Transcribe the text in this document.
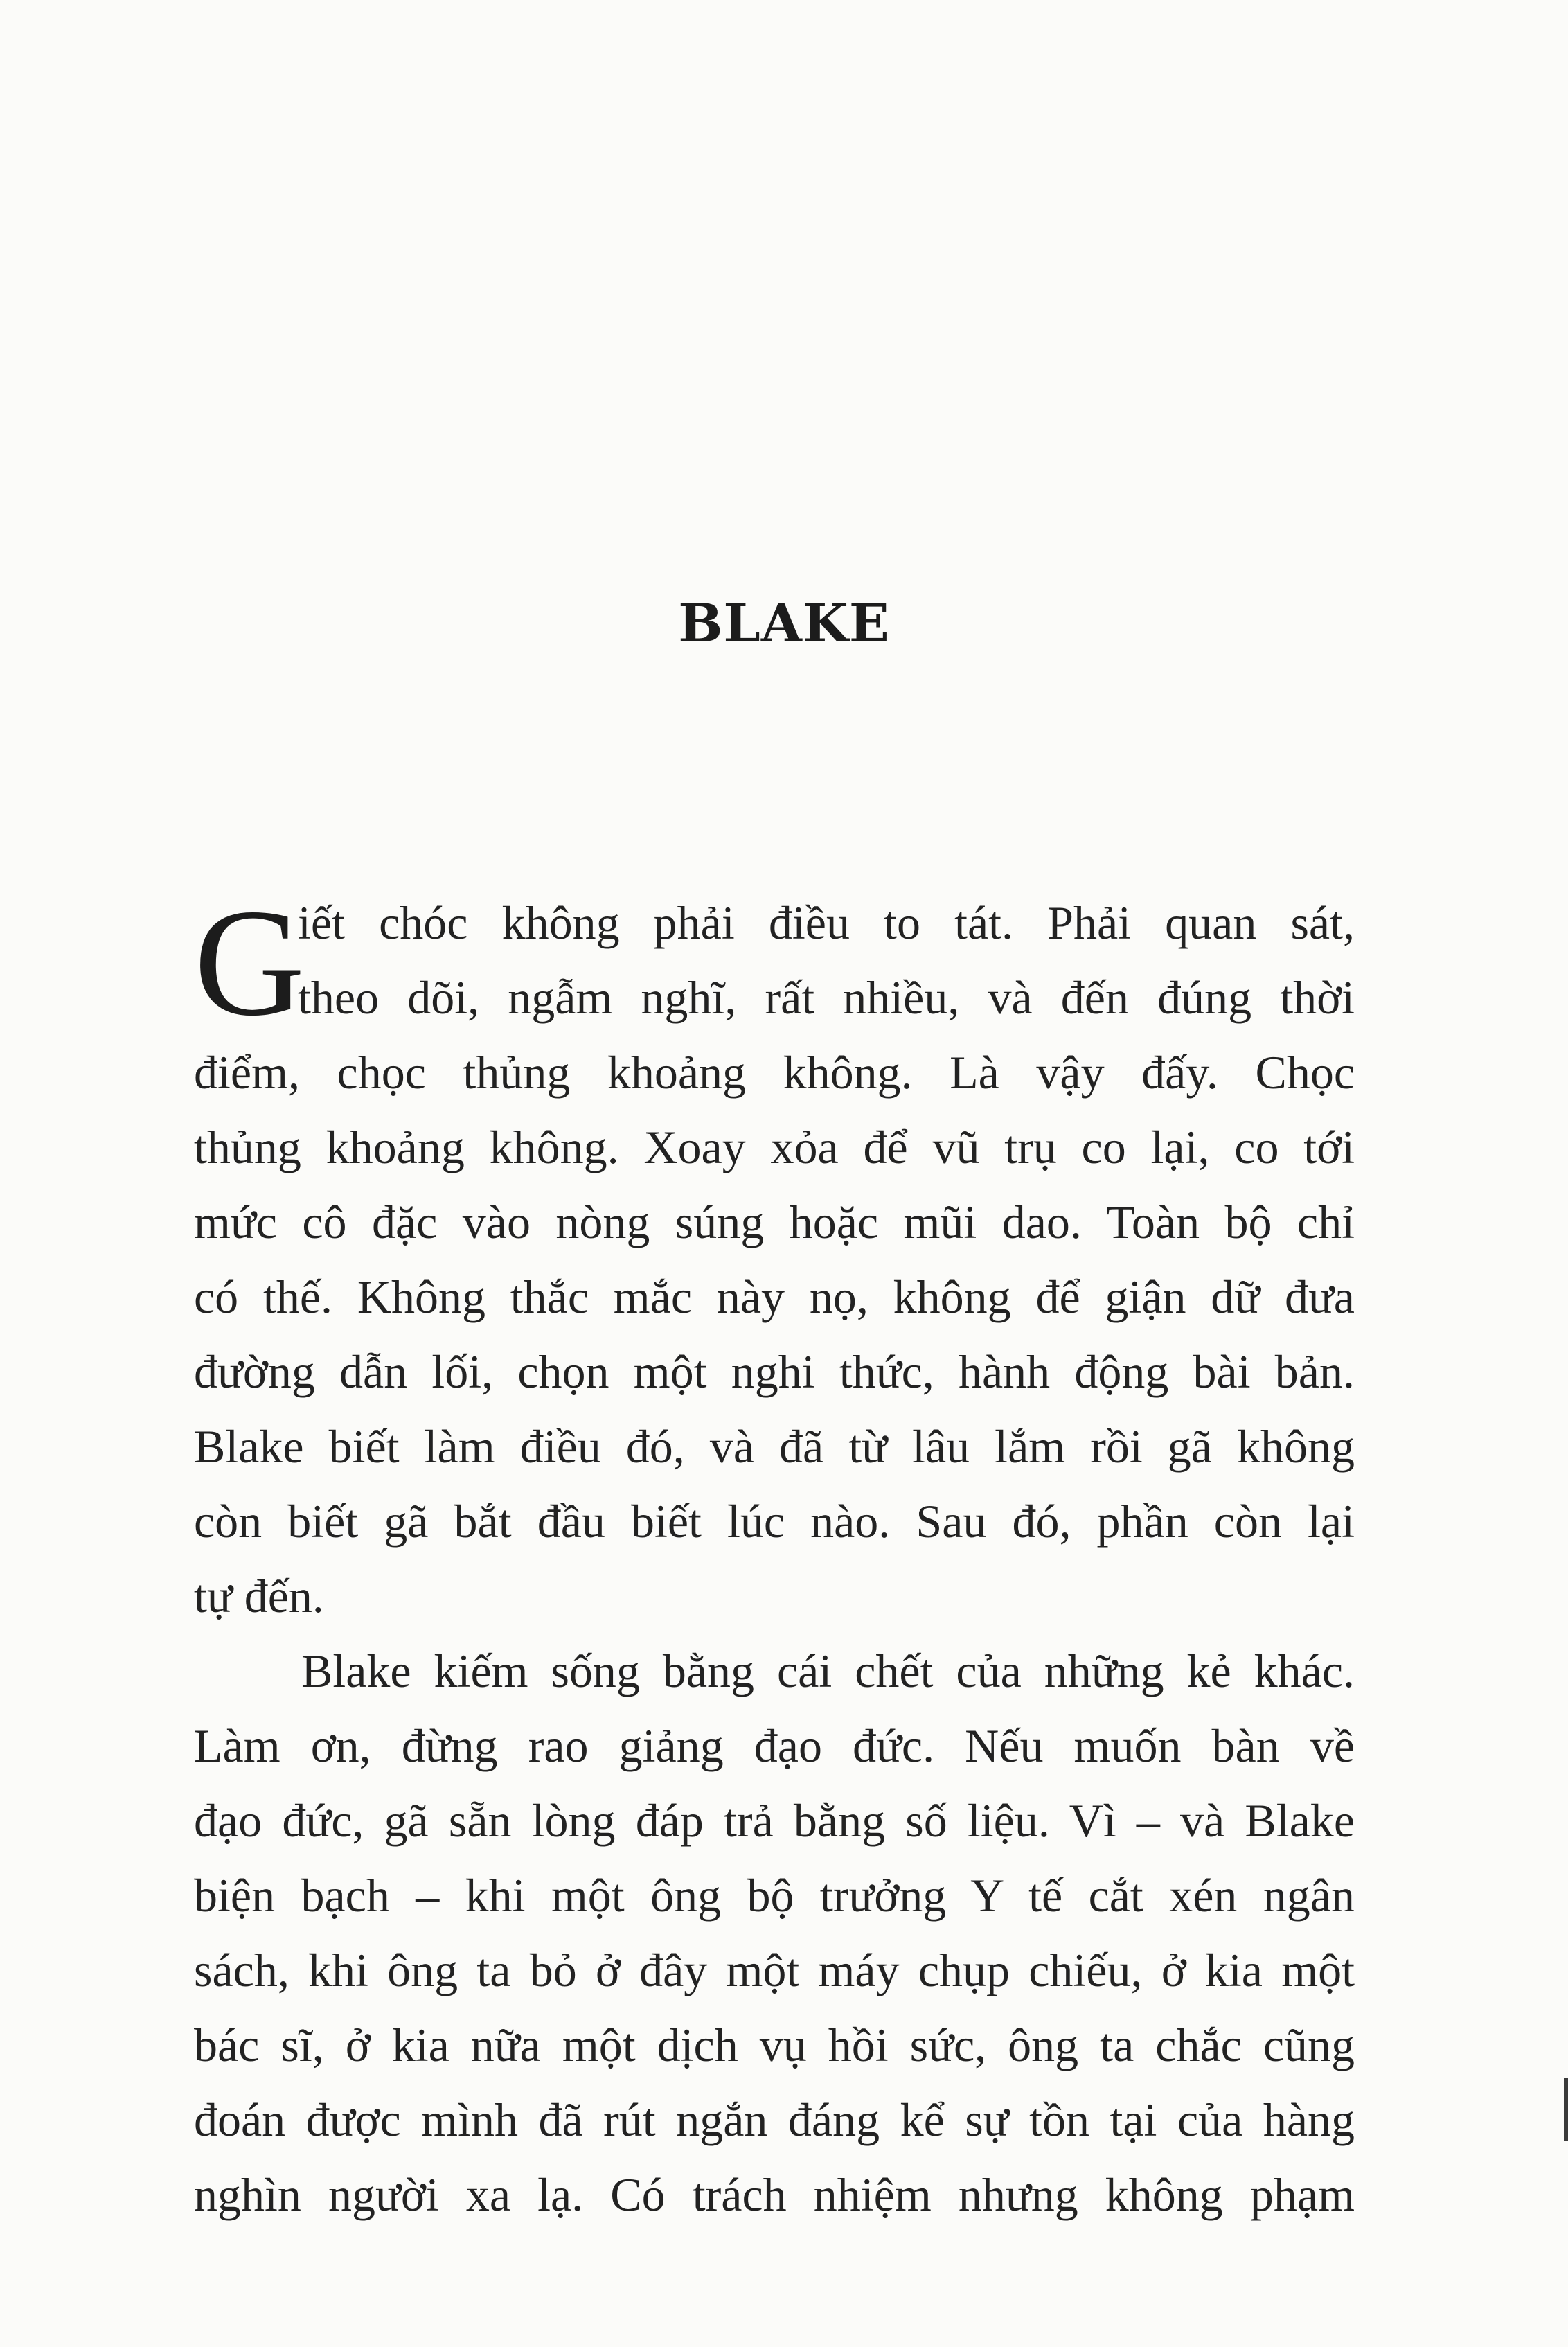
BLAKE
G
iết chóc không phải điều to tát. Phải quan sát,
theo dõi, ngẫm nghĩ, rất nhiều, và đến đúng thời
điểm, chọc thủng khoảng không. Là vậy đấy. Chọc
thủng khoảng không. Xoay xỏa để vũ trụ co lại, co tới
mức cô đặc vào nòng súng hoặc mũi dao. Toàn bộ chỉ
có thế. Không thắc mắc này nọ, không để giận dữ đưa
đường dẫn lối, chọn một nghi thức, hành động bài bản.
Blake biết làm điều đó, và đã từ lâu lắm rồi gã không
còn biết gã bắt đầu biết lúc nào. Sau đó, phần còn lại
tự đến.
Blake kiếm sống bằng cái chết của những kẻ khác.
Làm ơn, đừng rao giảng đạo đức. Nếu muốn bàn về
đạo đức, gã sẵn lòng đáp trả bằng số liệu. Vì – và Blake
biện bạch – khi một ông bộ trưởng Y tế cắt xén ngân
sách, khi ông ta bỏ ở đây một máy chụp chiếu, ở kia một
bác sĩ, ở kia nữa một dịch vụ hồi sức, ông ta chắc cũng
đoán được mình đã rút ngắn đáng kể sự tồn tại của hàng
nghìn người xa lạ. Có trách nhiệm nhưng không phạm
